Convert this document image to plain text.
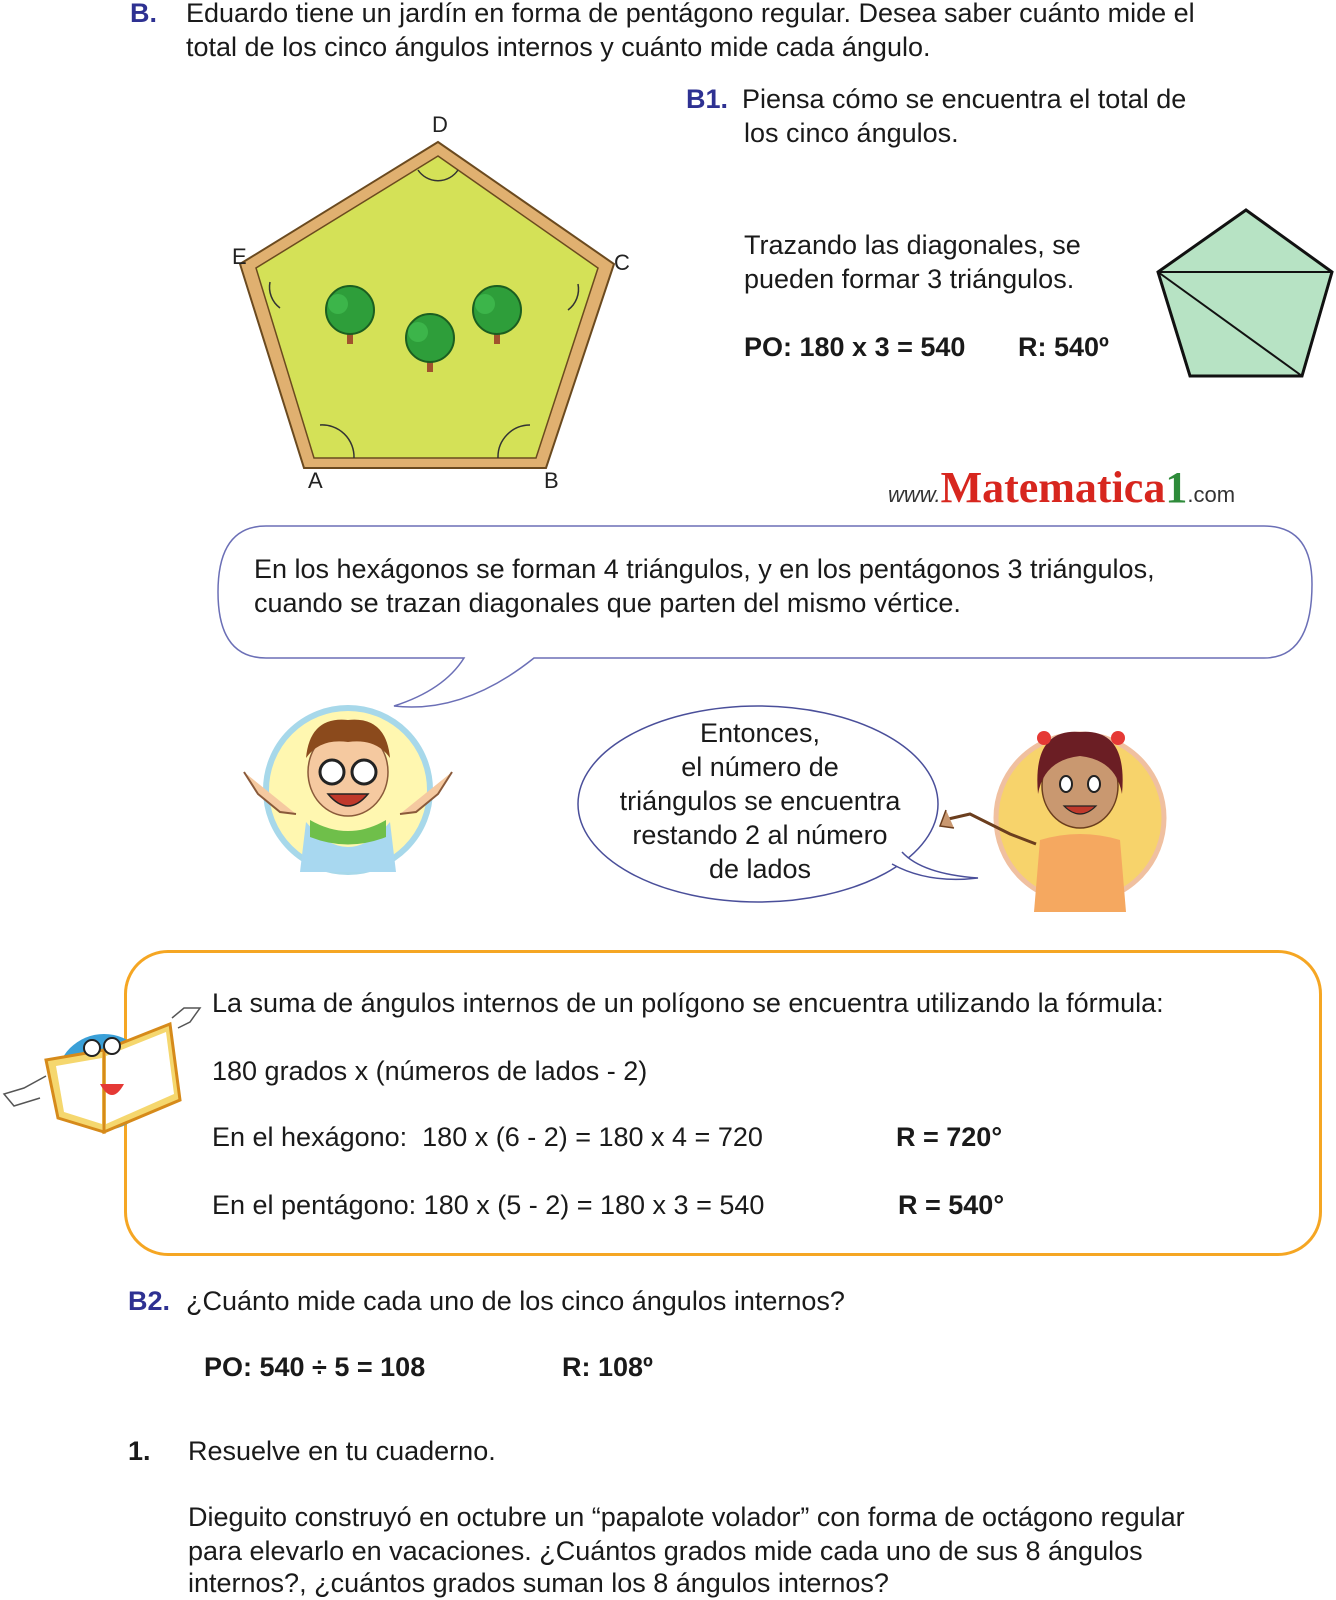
B. Eduardo tiene un jardín en forma de pentágono regular. Desea saber cuánto mide el
total de los cinco ángulos internos y cuánto mide cada ángulo.
D
E	C
A	B
B1. Piensa cómo se encuentra el total de
los cinco ángulos.
Trazando las diagonales, se
pueden formar 3 triángulos.
PO: 180 x 3 = 540 R: 540º
www.Matematica1.com
En los hexágonos se forman 4 triángulos, y en los pentágonos 3 triángulos,
cuando se trazan diagonales que parten del mismo vértice.
Entonces,
el número de
triángulos se encuentra
restando 2 al número
de lados
La suma de ángulos internos de un polígono se encuentra utilizando la fórmula:
180 grados x (números de lados - 2)
En el hexágono:  180 x (6 - 2) = 180 x 4 = 720	R = 720°
En el pentágono: 180 x (5 - 2) = 180 x 3 = 540	R = 540°
B2. ¿Cuánto mide cada uno de los cinco ángulos internos?
PO: 540 ÷ 5 = 108	R: 108º
1. Resuelve en tu cuaderno.
Dieguito construyó en octubre un “papalote volador” con forma de octágono regular
para elevarlo en vacaciones. ¿Cuántos grados mide cada uno de sus 8 ángulos
internos?, ¿cuántos grados suman los 8 ángulos internos?
